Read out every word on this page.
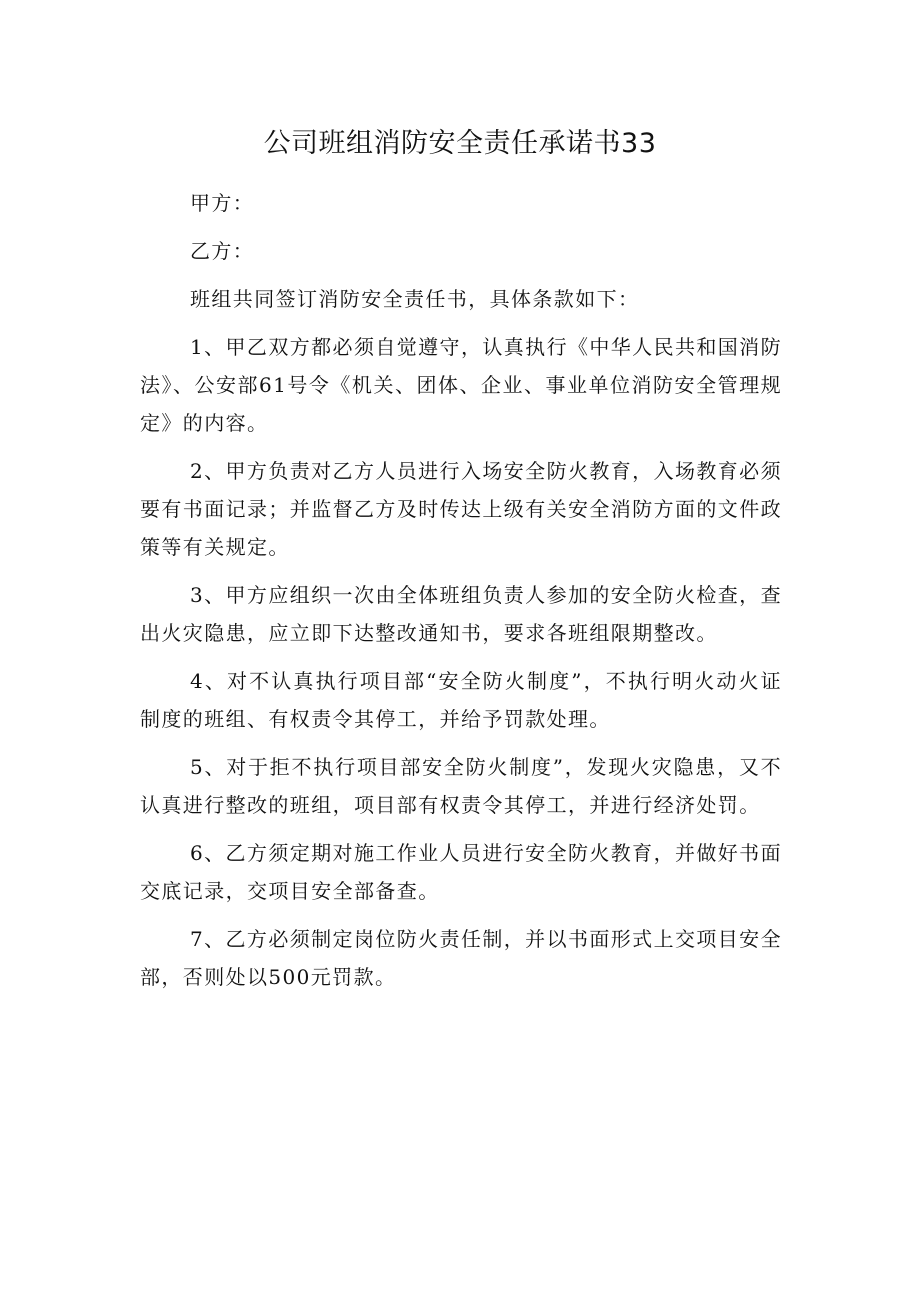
公司班组消防安全责任承诺书33

甲方：

乙方：

班组共同签订消防安全责任书，具体条款如下：

1、甲乙双方都必须自觉遵守，认真执行《中华人民共和国消防法》、公安部61号令《机关、团体、企业、事业单位消防安全管理规定》的内容。

2、甲方负责对乙方人员进行入场安全防火教育，入场教育必须要有书面记录；并监督乙方及时传达上级有关安全消防方面的文件政策等有关规定。

3、甲方应组织一次由全体班组负责人参加的安全防火检查，查出火灾隐患，应立即下达整改通知书，要求各班组限期整改。

4、对不认真执行项目部“安全防火制度”，不执行明火动火证制度的班组、有权责令其停工，并给予罚款处理。

5、对于拒不执行项目部安全防火制度”，发现火灾隐患，又不认真进行整改的班组，项目部有权责令其停工，并进行经济处罚。

6、乙方须定期对施工作业人员进行安全防火教育，并做好书面交底记录，交项目安全部备查。

7、乙方必须制定岗位防火责任制，并以书面形式上交项目安全部，否则处以500元罚款。
